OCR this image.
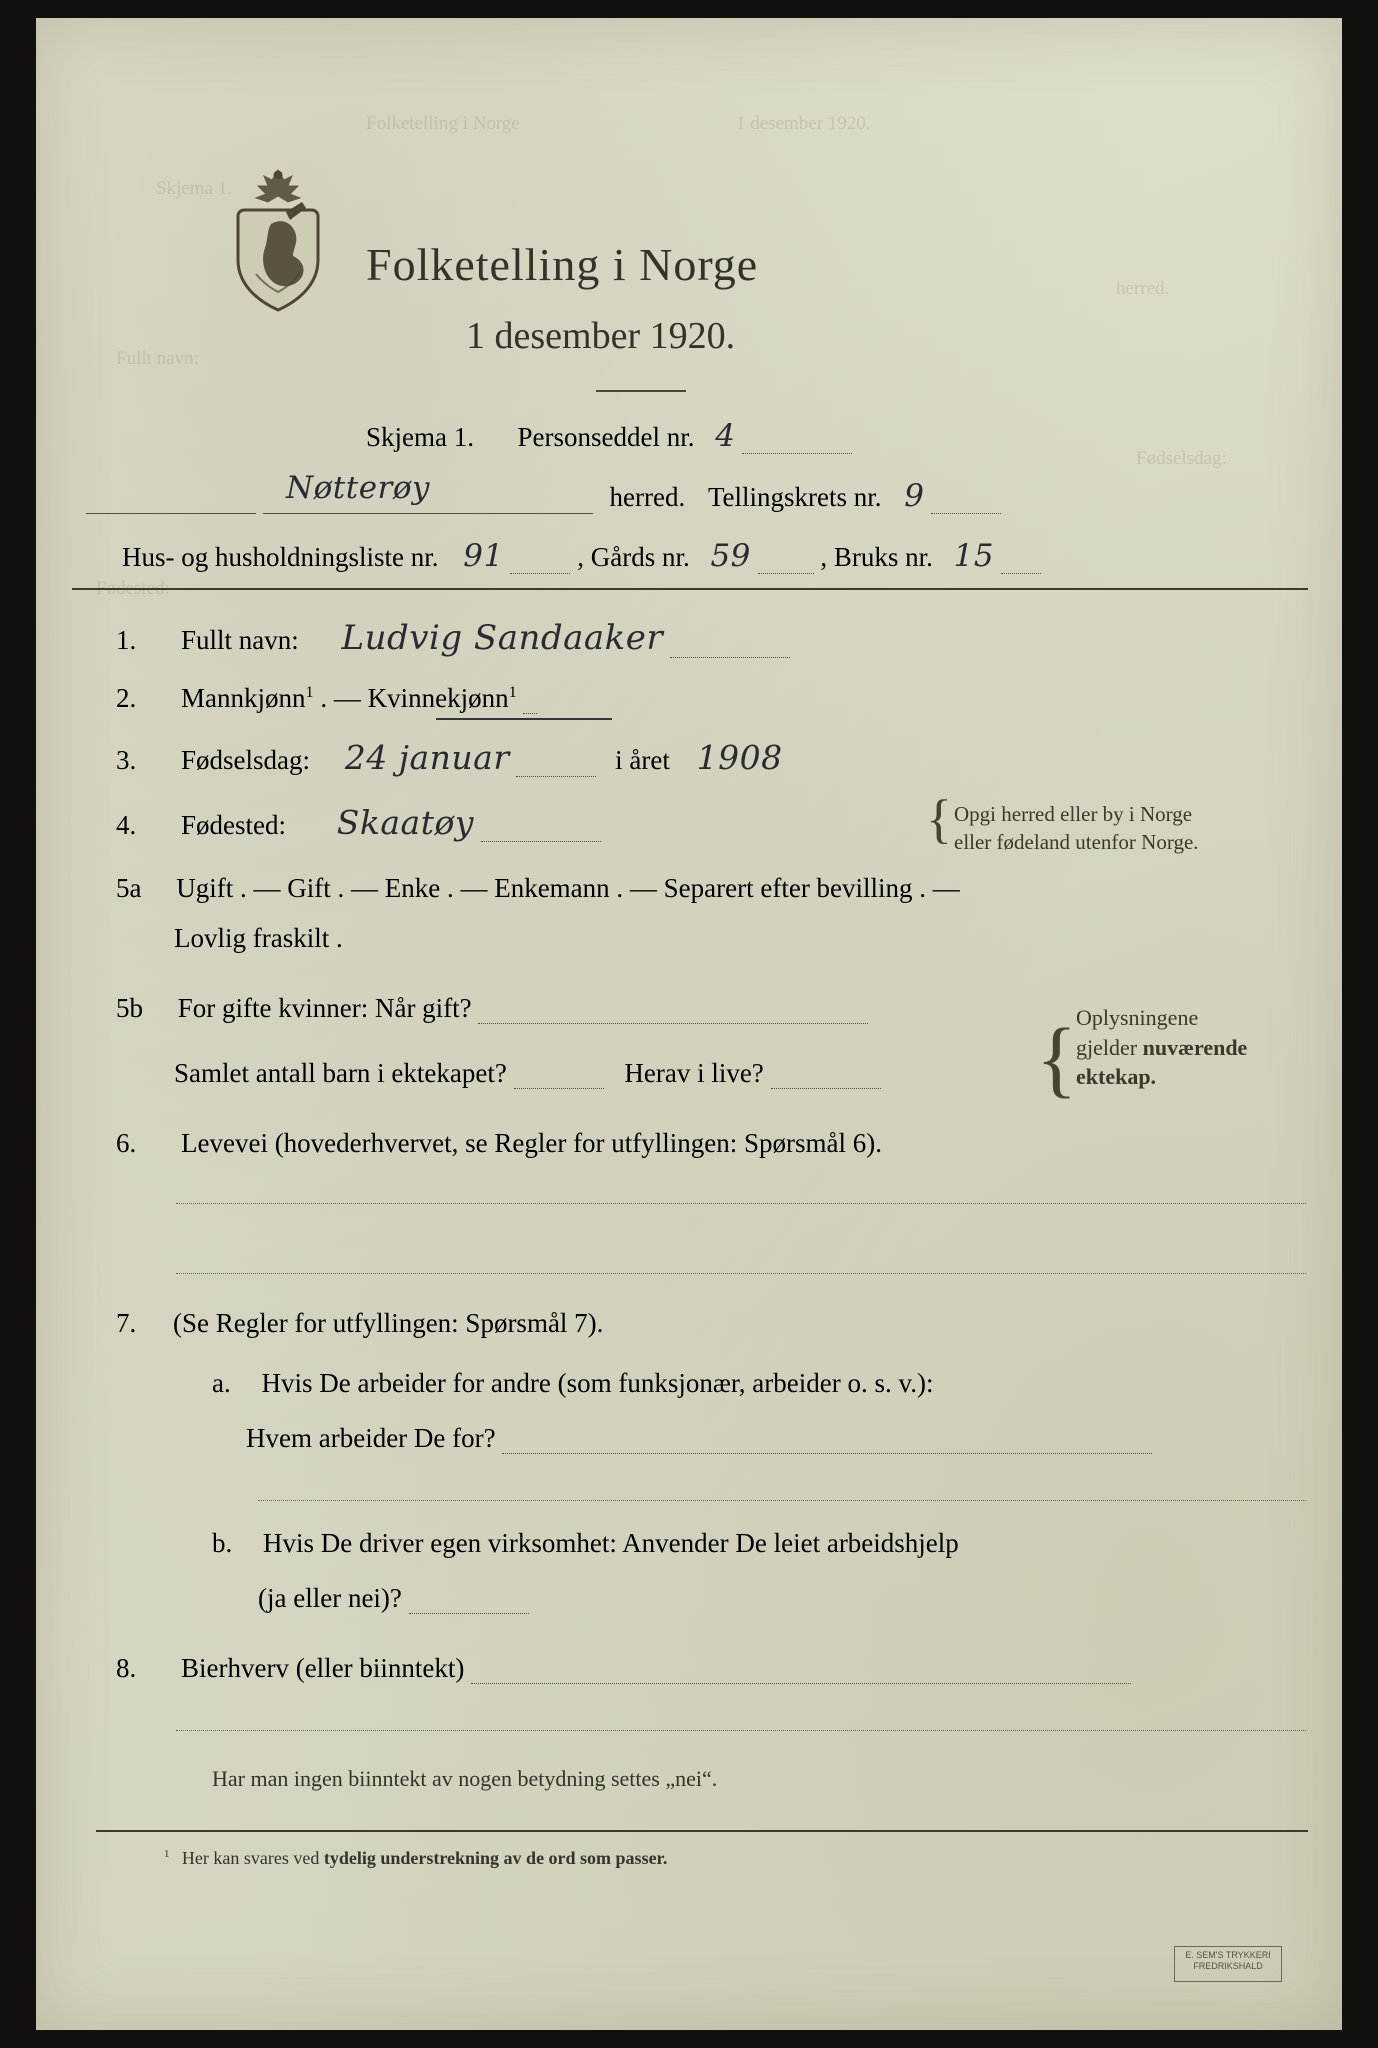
Folketelling i Norge	1 desember 1920.
Skjema 1.
herred.
Fullt navn:
Fødselsdag:
Fødested:
Folketelling i Norge
1 desember 1920.
Skjema 1. Personseddel nr. 4

Nøtterøy	herred. Tellingskrets nr. 9
Hus- og husholdningsliste nr. 91	, Gårds nr. 59	, Bruks nr. 15
1. Fullt navn: Ludvig Sandaaker
2. Mannkjønn$^1$ . — Kvinnekjønn$^1$
3. Fødselsdag: 24 januar	i året 1908
4. Fødested: Skaatøy	{ Opgi herred eller by i Norge
eller fødeland utenfor Norge.
5a Ugift . — Gift . — Enke . — Enkemann . — Separert efter bevilling . —
Lovlig fraskilt .
5b For gifte kvinner: Når gift?
Samlet antall barn i ektekapet?	Herav i live?	{
Oplysningene
gjelder nuværende
ektekap.
6. Levevei (hovederhvervet, se Regler for utfyllingen: Spørsmål 6).
7. (Se Regler for utfyllingen: Spørsmål 7).
a. Hvis De arbeider for andre (som funksjonær, arbeider o. s. v.):
Hvem arbeider De for?
b. Hvis De driver egen virksomhet: Anvender De leiet arbeidshjelp
(ja eller nei)?
8. Bierhverv (eller biinntekt)
Har man ingen biinntekt av nogen betydning settes „nei“.
$^1$ Her kan svares ved tydelig understrekning av de ord som passer.
E. SEM'S TRYKKERI
FREDRIKSHALD
